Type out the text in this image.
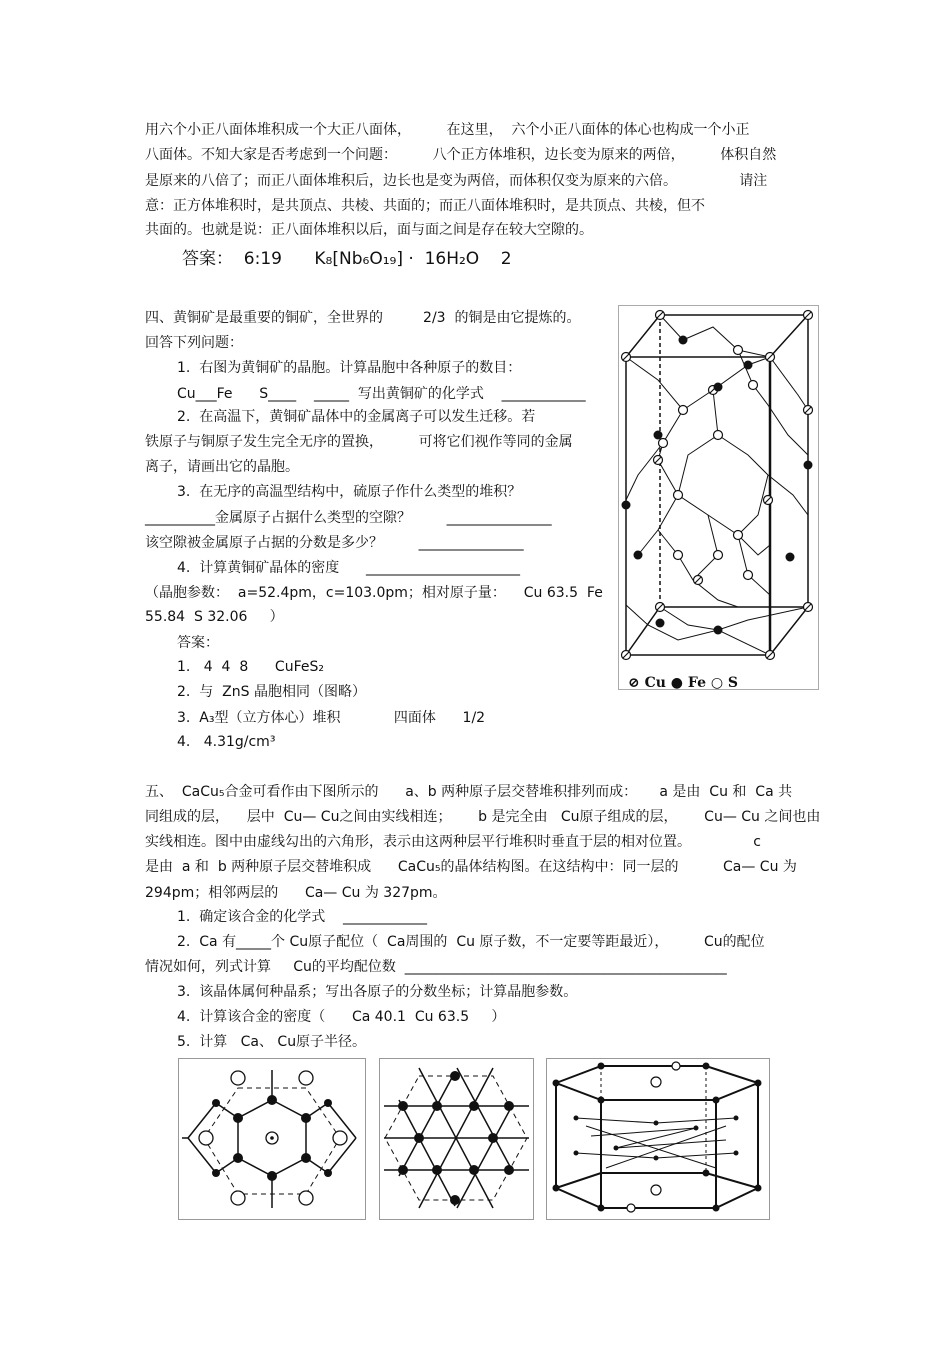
用六个小正八面体堆积成一个大正八面体，        在这里，  六个小正八面体的体心也构成一个小正
八面体。不知大家是否考虑到一个问题：        八个正方体堆积，边长变为原来的两倍，        体积自然
是原来的八倍了；而正八面体堆积后，边长也是变为两倍，而体积仅变为原来的六倍。              请注
意：正方体堆积时，是共顶点、共棱、共面的；而正八面体堆积时，是共顶点、共棱，但不
共面的。也就是说：正八面体堆积以后，面与面之间是存在较大空隙的。
答案：  6:19      K₈[Nb₆O₁₉] ·  16H₂O    2
四、黄铜矿是最重要的铜矿，全世界的         2/3  的铜是由它提炼的。
回答下列问题：
1.  右图为黄铜矿的晶胞。计算晶胞中各种原子的数目：
Cu___Fe      S____    _____  写出黄铜矿的化学式    ____________
2.  在高温下，黄铜矿晶体中的金属离子可以发生迁移。若
铁原子与铜原子发生完全无序的置换，        可将它们视作等同的金属
离子，请画出它的晶胞。
3.  在无序的高温型结构中，硫原子作什么类型的堆积？
__________金属原子占据什么类型的空隙？        _______________
该空隙被金属原子占据的分数是多少？        _______________
4.  计算黄铜矿晶体的密度      ______________________
（晶胞参数：  a=52.4pm，c=103.0pm；相对原子量：    Cu 63.5  Fe
55.84  S 32.06     ）
答案：
1.   4  4  8      CuFeS₂
2.  与  ZnS 晶胞相同（图略）
3.  A₃型（立方体心）堆积            四面体      1/2
4.   4.31g/cm³
⊘ Cu ● Fe ○ S
五、  CaCu₅合金可看作由下图所示的      a、b 两种原子层交替堆积排列而成：     a 是由  Cu 和  Ca 共
同组成的层，    层中  Cu— Cu之间由实线相连；      b 是完全由   Cu原子组成的层，      Cu— Cu 之间也由
实线相连。图中由虚线勾出的六角形，表示由这两种层平行堆积时垂直于层的相对位置。              c
是由  a 和  b 两种原子层交替堆积成      CaCu₅的晶体结构图。在这结构中：同一层的          Ca— Cu 为
294pm；相邻两层的      Ca— Cu 为 327pm。
1.  确定该合金的化学式    ____________
2.  Ca 有_____个 Cu原子配位（  Ca周围的  Cu 原子数，不一定要等距最近），        Cu的配位
情况如何，列式计算     Cu的平均配位数  ______________________________________________
3.  该晶体属何种晶系；写出各原子的分数坐标；计算晶胞参数。
4.  计算该合金的密度（      Ca 40.1  Cu 63.5     ）
5.  计算   Ca、 Cu原子半径。
